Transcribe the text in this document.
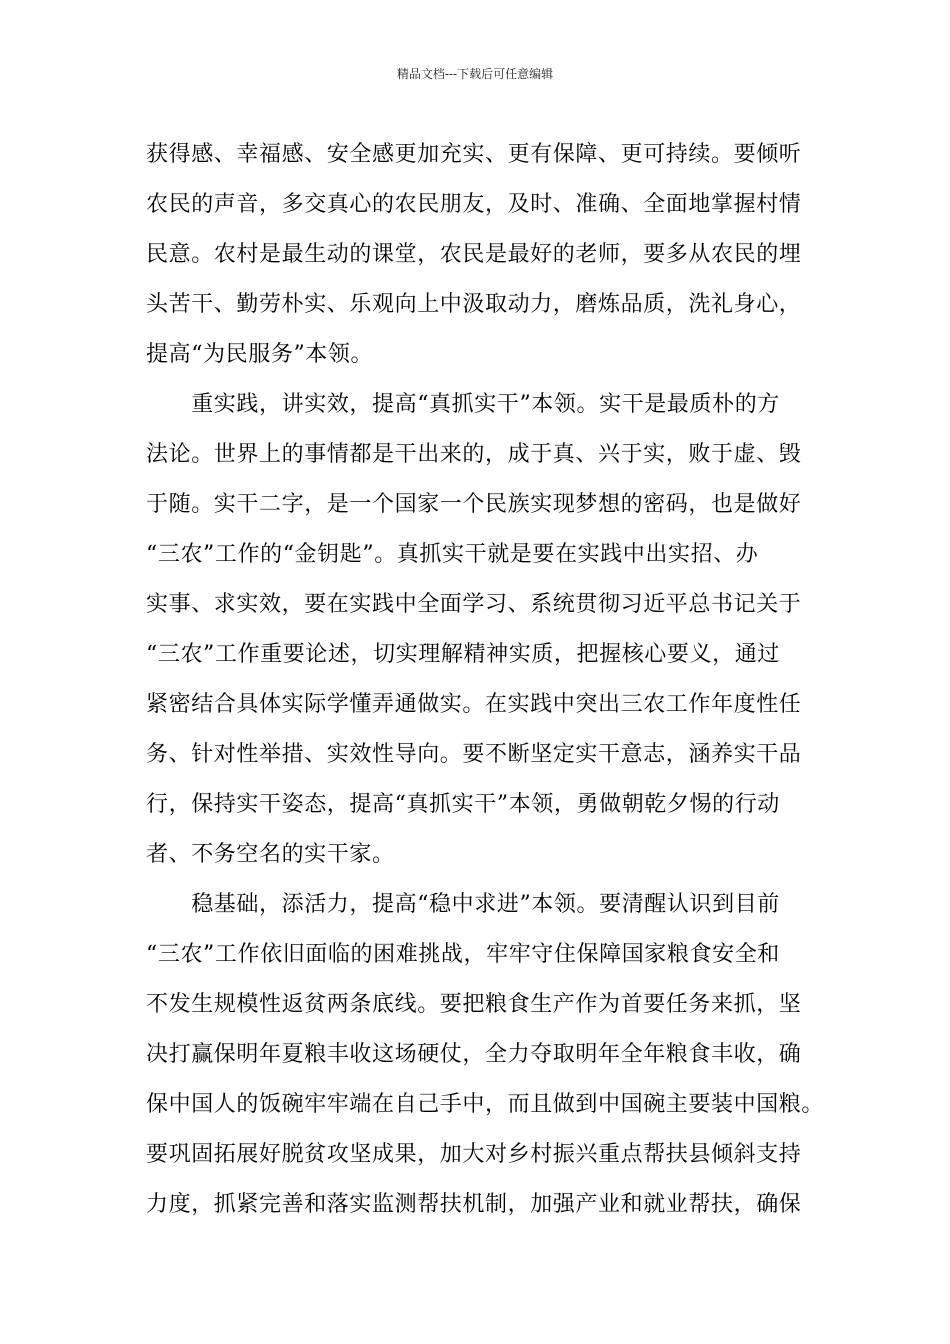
精品文档---下载后可任意编辑
获得感、幸福感、安全感更加充实、更有保障、更可持续。要倾听
农民的声音，多交真心的农民朋友，及时、准确、全面地掌握村情
民意。农村是最生动的课堂，农民是最好的老师，要多从农民的埋
头苦干、勤劳朴实、乐观向上中汲取动力，磨炼品质，洗礼身心，
提高“为民服务”本领。
　　重实践，讲实效，提高“真抓实干”本领。实干是最质朴的方
法论。世界上的事情都是干出来的，成于真、兴于实，败于虚、毁
于随。实干二字，是一个国家一个民族实现梦想的密码，也是做好
“三农”工作的“金钥匙”。真抓实干就是要在实践中出实招、办
实事、求实效，要在实践中全面学习、系统贯彻习近平总书记关于
“三农”工作重要论述，切实理解精神实质，把握核心要义，通过
紧密结合具体实际学懂弄通做实。在实践中突出三农工作年度性任
务、针对性举措、实效性导向。要不断坚定实干意志，涵养实干品
行，保持实干姿态，提高“真抓实干”本领，勇做朝乾夕惕的行动
者、不务空名的实干家。
　　稳基础，添活力，提高“稳中求进”本领。要清醒认识到目前
“三农”工作依旧面临的困难挑战，牢牢守住保障国家粮食安全和
不发生规模性返贫两条底线。要把粮食生产作为首要任务来抓，坚
决打赢保明年夏粮丰收这场硬仗，全力夺取明年全年粮食丰收，确
保中国人的饭碗牢牢端在自己手中，而且做到中国碗主要装中国粮。
要巩固拓展好脱贫攻坚成果，加大对乡村振兴重点帮扶县倾斜支持
力度，抓紧完善和落实监测帮扶机制，加强产业和就业帮扶，确保
